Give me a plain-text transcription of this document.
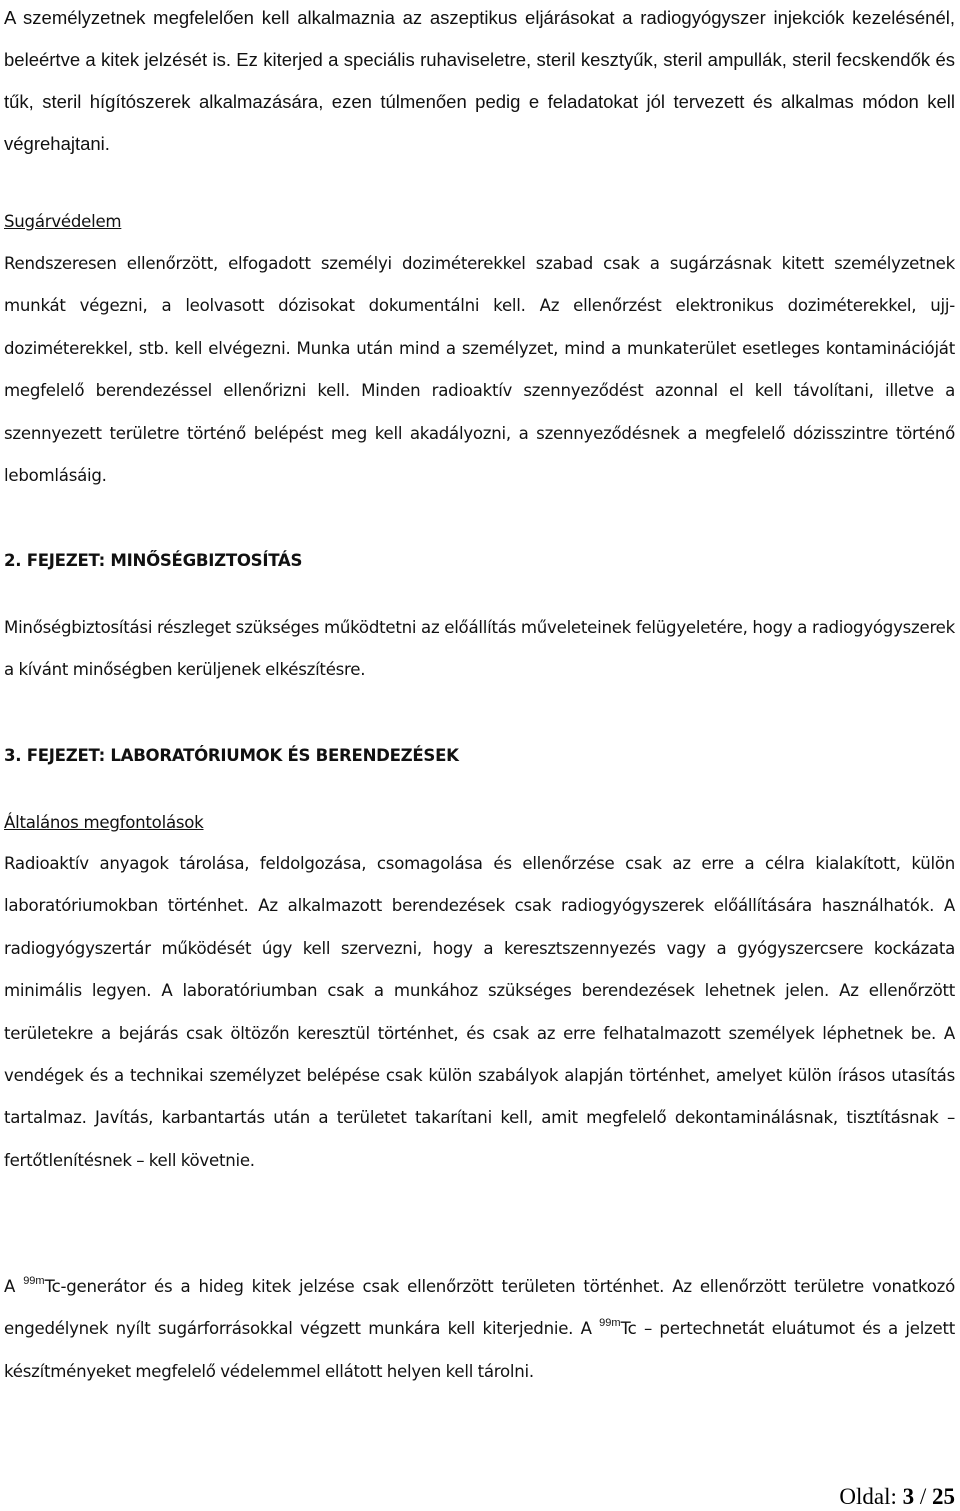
A személyzetnek megfelelően kell alkalmaznia az aszeptikus eljárásokat a radiogyógyszer injekciók kezelésénél, beleértve a kitek jelzését is. Ez kiterjed a speciális ruhaviseletre, steril kesztyűk, steril ampullák, steril fecskendők és tűk, steril hígítószerek alkalmazására, ezen túlmenően pedig e feladatokat jól tervezett és alkalmas módon kell végrehajtani.

Sugárvédelem

Rendszeresen ellenőrzött, elfogadott személyi doziméterekkel szabad csak a sugárzásnak kitett személyzetnek munkát végezni, a leolvasott dózisokat dokumentálni kell. Az ellenőrzést elektronikus doziméterekkel, ujj-doziméterekkel, stb. kell elvégezni. Munka után mind a személyzet, mind a munkaterület esetleges kontaminációját megfelelő berendezéssel ellenőrizni kell. Minden radioaktív szennyeződést azonnal el kell távolítani, illetve a szennyezett területre történő belépést meg kell akadályozni, a szennyeződésnek a megfelelő dózisszintre történő lebomlásáig.

2. FEJEZET: MINŐSÉGBIZTOSÍTÁS

Minőségbiztosítási részleget szükséges működtetni az előállítás műveleteinek felügyeletére, hogy a radiogyógyszerek a kívánt minőségben kerüljenek elkészítésre.

3. FEJEZET: LABORATÓRIUMOK ÉS BERENDEZÉSEK
Általános megfontolások

Radioaktív anyagok tárolása, feldolgozása, csomagolása és ellenőrzése csak az erre a célra kialakított, külön laboratóriumokban történhet. Az alkalmazott berendezések csak radiogyógyszerek előállítására használhatók. A radiogyógyszertár működését úgy kell szervezni, hogy a keresztszennyezés vagy a gyógyszercsere kockázata minimális legyen. A laboratóriumban csak a munkához szükséges berendezések lehetnek jelen. Az ellenőrzött területekre a bejárás csak öltözőn keresztül történhet, és csak az erre felhatalmazott személyek léphetnek be. A vendégek és a technikai személyzet belépése csak külön szabályok alapján történhet, amelyet külön írásos utasítás tartalmaz. Javítás, karbantartás után a területet takarítani kell, amit megfelelő dekontaminálásnak, tisztításnak – fertőtlenítésnek – kell követnie.

A $^{99m}$Tc-generátor és a hideg kitek jelzése csak ellenőrzött területen történhet. Az ellenőrzött területre vonatkozó engedélynek nyílt sugárforrásokkal végzett munkára kell kiterjednie. A $^{99m}$Tc – pertechnetát eluátumot és a jelzett készítményeket megfelelő védelemmel ellátott helyen kell tárolni.

Oldal: 3 / 25
